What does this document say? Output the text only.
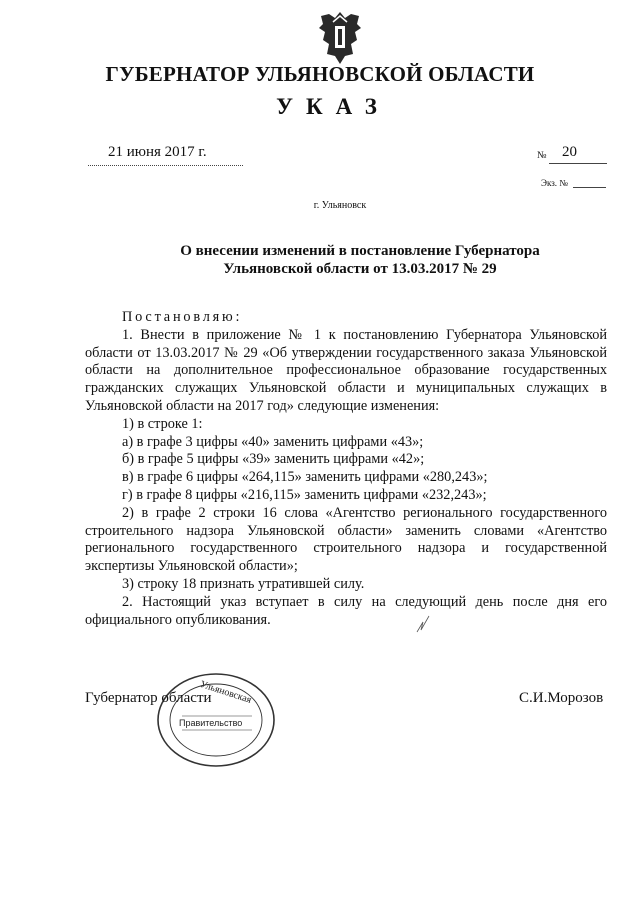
ГУБЕРНАТОР УЛЬЯНОВСКОЙ ОБЛАСТИ
УКАЗ
21 июня 2017 г.	№ 20
Экз. №
г. Ульяновск
О внесении изменений в постановление Губернатора
Ульяновской области от 13.03.2017 № 29

Постановляю:

1. Внести в приложение № 1 к постановлению Губернатора Ульяновской области от 13.03.2017 № 29 «Об утверждении государственного заказа Ульяновской области на дополнительное профессиональное образование государственных гражданских служащих Ульяновской области и муниципальных служащих в Ульяновской области на 2017 год» следующие изменения:

1) в строке 1:

а) в графе 3 цифры «40» заменить цифрами «43»;

б) в графе 5 цифры «39» заменить цифрами «42»;

в) в графе 6 цифры «264,115» заменить цифрами «280,243»;

г) в графе 8 цифры «216,115» заменить цифрами «232,243»;

2) в графе 2 строки 16 слова «Агентство регионального государственного строительного надзора Ульяновской области» заменить словами «Агентство регионального государственного строительного надзора и государственной экспертизы Ульяновской области»;

3) строку 18 признать утратившей силу.

2. Настоящий указ вступает в силу на следующий день после дня его официального опубликования.

Ульяновская
Правительство
Губернатор области	С.И.Морозов
